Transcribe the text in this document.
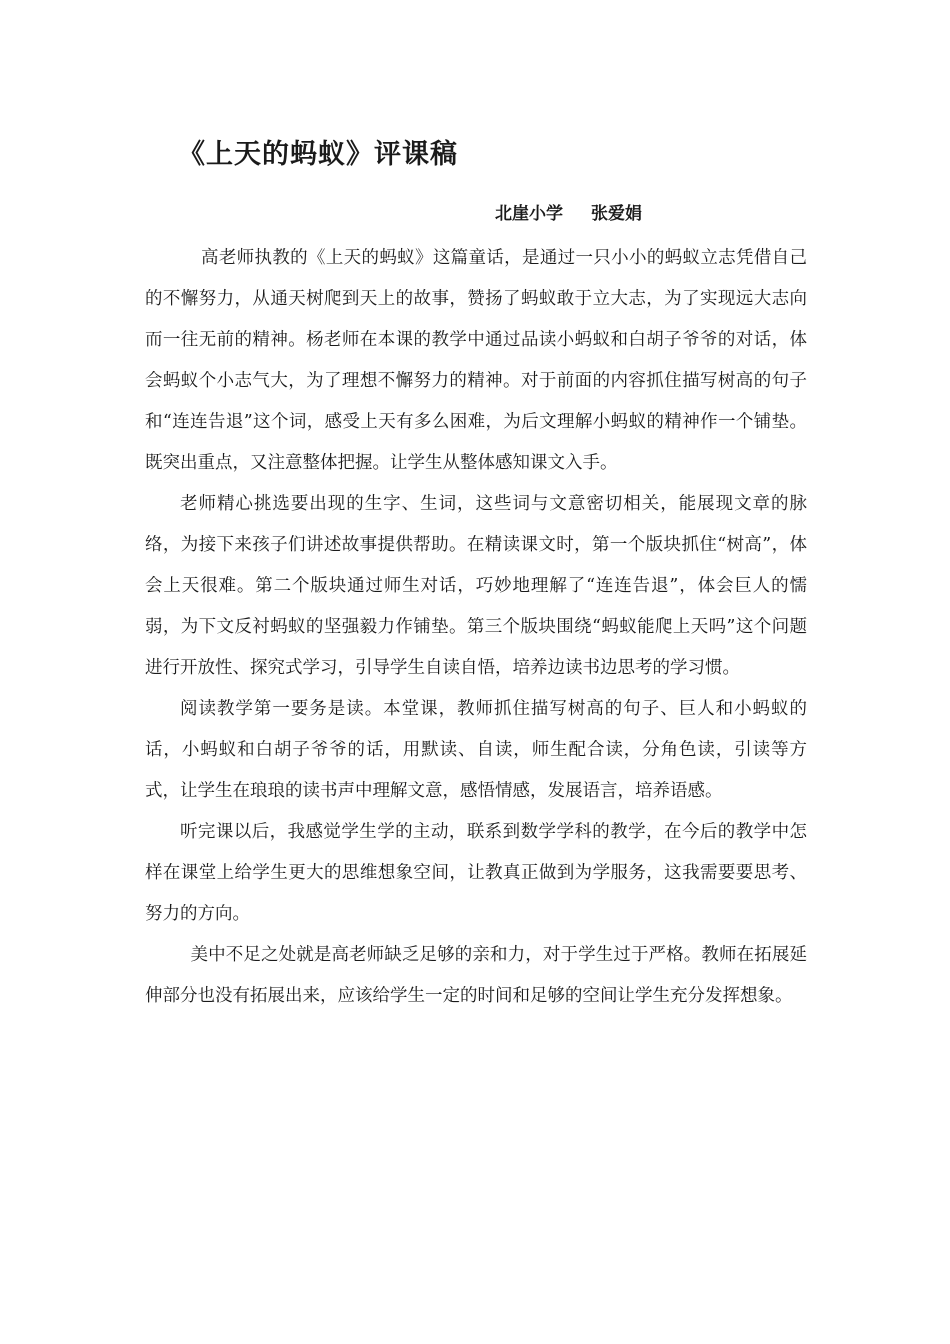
《上天的蚂蚁》评课稿
北崖小学 张爱娟

高老师执教的《上天的蚂蚁》这篇童话，是通过一只小小的蚂蚁立志凭借自己的不懈努力，从通天树爬到天上的故事，赞扬了蚂蚁敢于立大志，为了实现远大志向而一往无前的精神。杨老师在本课的教学中通过品读小蚂蚁和白胡子爷爷的对话，体会蚂蚁个小志气大，为了理想不懈努力的精神。对于前面的内容抓住描写树高的句子和“连连告退”这个词，感受上天有多么困难，为后文理解小蚂蚁的精神作一个铺垫。既突出重点，又注意整体把握。让学生从整体感知课文入手。

老师精心挑选要出现的生字、生词，这些词与文意密切相关，能展现文章的脉络，为接下来孩子们讲述故事提供帮助。在精读课文时，第一个版块抓住“树高”，体会上天很难。第二个版块通过师生对话，巧妙地理解了“连连告退”，体会巨人的懦弱，为下文反衬蚂蚁的坚强毅力作铺垫。第三个版块围绕“蚂蚁能爬上天吗”这个问题进行开放性、探究式学习，引导学生自读自悟，培养边读书边思考的学习惯。

阅读教学第一要务是读。本堂课，教师抓住描写树高的句子、巨人和小蚂蚁的话，小蚂蚁和白胡子爷爷的话，用默读、自读，师生配合读，分角色读，引读等方式，让学生在琅琅的读书声中理解文意，感悟情感，发展语言，培养语感。

听完课以后，我感觉学生学的主动，联系到数学学科的教学，在今后的教学中怎样在课堂上给学生更大的思维想象空间，让教真正做到为学服务，这我需要要思考、努力的方向。

美中不足之处就是高老师缺乏足够的亲和力，对于学生过于严格。教师在拓展延伸部分也没有拓展出来，应该给学生一定的时间和足够的空间让学生充分发挥想象。
